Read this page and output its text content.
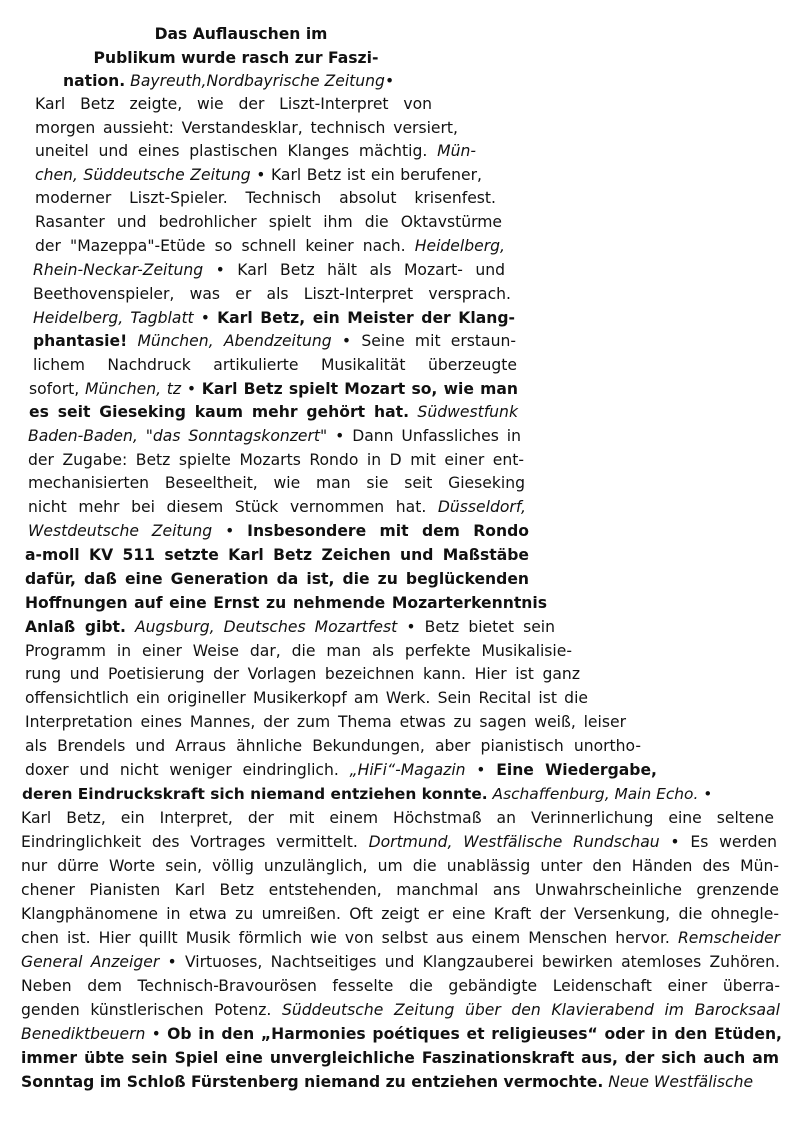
Das Auflauschen im
Publikum wurde rasch zur Faszi-
nation. Bayreuth,Nordbayrische Zeitung•
Karl Betz zeigte, wie der Liszt-Interpret von
morgen aussieht: Verstandesklar, technisch versiert,
uneitel und eines plastischen Klanges mächtig. Mün-
chen, Süddeutsche Zeitung • Karl Betz ist ein berufener,
moderner Liszt-Spieler. Technisch absolut krisenfest.
Rasanter und bedrohlicher spielt ihm die Oktavstürme
der "Mazeppa"-Etüde so schnell keiner nach. Heidelberg,
Rhein-Neckar-Zeitung • Karl Betz hält als Mozart- und
Beethovenspieler, was er als Liszt-Interpret versprach.
Heidelberg, Tagblatt • Karl Betz, ein Meister der Klang-
phantasie! München, Abendzeitung • Seine mit erstaun-
lichem Nachdruck artikulierte Musikalität überzeugte
sofort, München, tz • Karl Betz spielt Mozart so, wie man
es seit Gieseking kaum mehr gehört hat. Südwestfunk
Baden-Baden, "das Sonntagskonzert" • Dann Unfassliches in
der Zugabe: Betz spielte Mozarts Rondo in D mit einer ent-
mechanisierten Beseeltheit, wie man sie seit Gieseking
nicht mehr bei diesem Stück vernommen hat. Düsseldorf,
Westdeutsche Zeitung • Insbesondere mit dem Rondo
a-moll KV 511 setzte Karl Betz Zeichen und Maßstäbe
dafür, daß eine Generation da ist, die zu beglückenden
Hoffnungen auf eine Ernst zu nehmende Mozarterkenntnis
Anlaß gibt. Augsburg, Deutsches Mozartfest • Betz bietet sein
Programm in einer Weise dar, die man als perfekte Musikalisie-
rung und Poetisierung der Vorlagen bezeichnen kann. Hier ist ganz
offensichtlich ein origineller Musikerkopf am Werk. Sein Recital ist die
Interpretation eines Mannes, der zum Thema etwas zu sagen weiß, leiser
als Brendels und Arraus ähnliche Bekundungen, aber pianistisch unortho-
doxer und nicht weniger eindringlich. „HiFi“-Magazin • Eine Wiedergabe,
deren Eindruckskraft sich niemand entziehen konnte. Aschaffenburg, Main Echo. •
Karl Betz, ein Interpret, der mit einem Höchstmaß an Verinnerlichung eine seltene
Eindringlichkeit des Vortrages vermittelt. Dortmund, Westfälische Rundschau • Es werden
nur dürre Worte sein, völlig unzulänglich, um die unablässig unter den Händen des Mün-
chener Pianisten Karl Betz entstehenden, manchmal ans Unwahrscheinliche grenzende
Klangphänomene in etwa zu umreißen. Oft zeigt er eine Kraft der Versenkung, die ohnegle-
chen ist. Hier quillt Musik förmlich wie von selbst aus einem Menschen hervor. Remscheider
General Anzeiger • Virtuoses, Nachtseitiges und Klangzauberei bewirken atemloses Zuhören.
Neben dem Technisch-Bravourösen fesselte die gebändigte Leidenschaft einer überra-
genden künstlerischen Potenz. Süddeutsche Zeitung über den Klavierabend im Barocksaal
Benediktbeuern • Ob in den „Harmonies poétiques et religieuses“ oder in den Etüden,
immer übte sein Spiel eine unvergleichliche Faszinationskraft aus, der sich auch am
Sonntag im Schloß Fürstenberg niemand zu entziehen vermochte. Neue Westfälische
